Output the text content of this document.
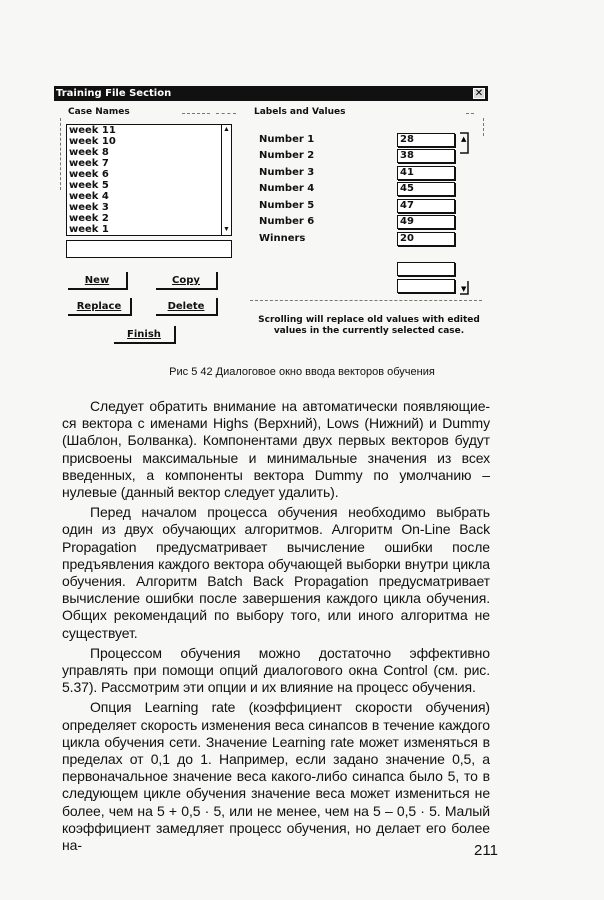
Training File Section	✕
Case Names	Labels and Values
week 11
week 10
week 8
week 7
week 6
week 5
week 4
week 3
week 2
week 1
▲
▼
New	Copy
Replace	Delete
Finish
Number 1	28
Number 2	38
Number 3	41
Number 4	45
Number 5	47
Number 6	49
Winners	20
▲
▼
Scrolling will replace old values with edited values in the currently selected case.
Рис 5 42 Диалоговое окно ввода векторов обучения

Следует обратить внимание на автоматически появляющие-ся вектора с именами Highs (Верхний), Lows (Нижний) и Dummy (Шаблон, Болванка). Компонентами двух первых векторов будут присвоены максимальные и минимальные значения из всех введенных, а компоненты вектора Dummy по умолчанию – нулевые (данный вектор следует удалить).

Перед началом процесса обучения необходимо выбрать один из двух обучающих алгоритмов. Алгоритм On-Line Back Propagation предусматривает вычисление ошибки после предъявления каждого вектора обучающей выборки внутри цикла обучения. Алгоритм Batch Back Propagation предусматривает вычисление ошибки после завершения каждого цикла обучения. Общих рекомендаций по выбору того, или иного алгоритма не существует.

Процессом обучения можно достаточно эффективно управлять при помощи опций диалогового окна Control (см. рис. 5.37). Рассмотрим эти опции и их влияние на процесс обучения.

Опция Learning rate (коэффициент скорости обучения) определяет скорость изменения веса синапсов в течение каждого цикла обучения сети. Значение Learning rate может изменяться в пределах от 0,1 до 1. Например, если задано значение 0,5, а первоначальное значение веса какого-либо синапса было 5, то в следующем цикле обучения значение веса может измениться не более, чем на 5 + 0,5 · 5, или не менее, чем на 5 – 0,5 · 5. Малый коэффициент замедляет процесс обучения, но делает его более на-	211
